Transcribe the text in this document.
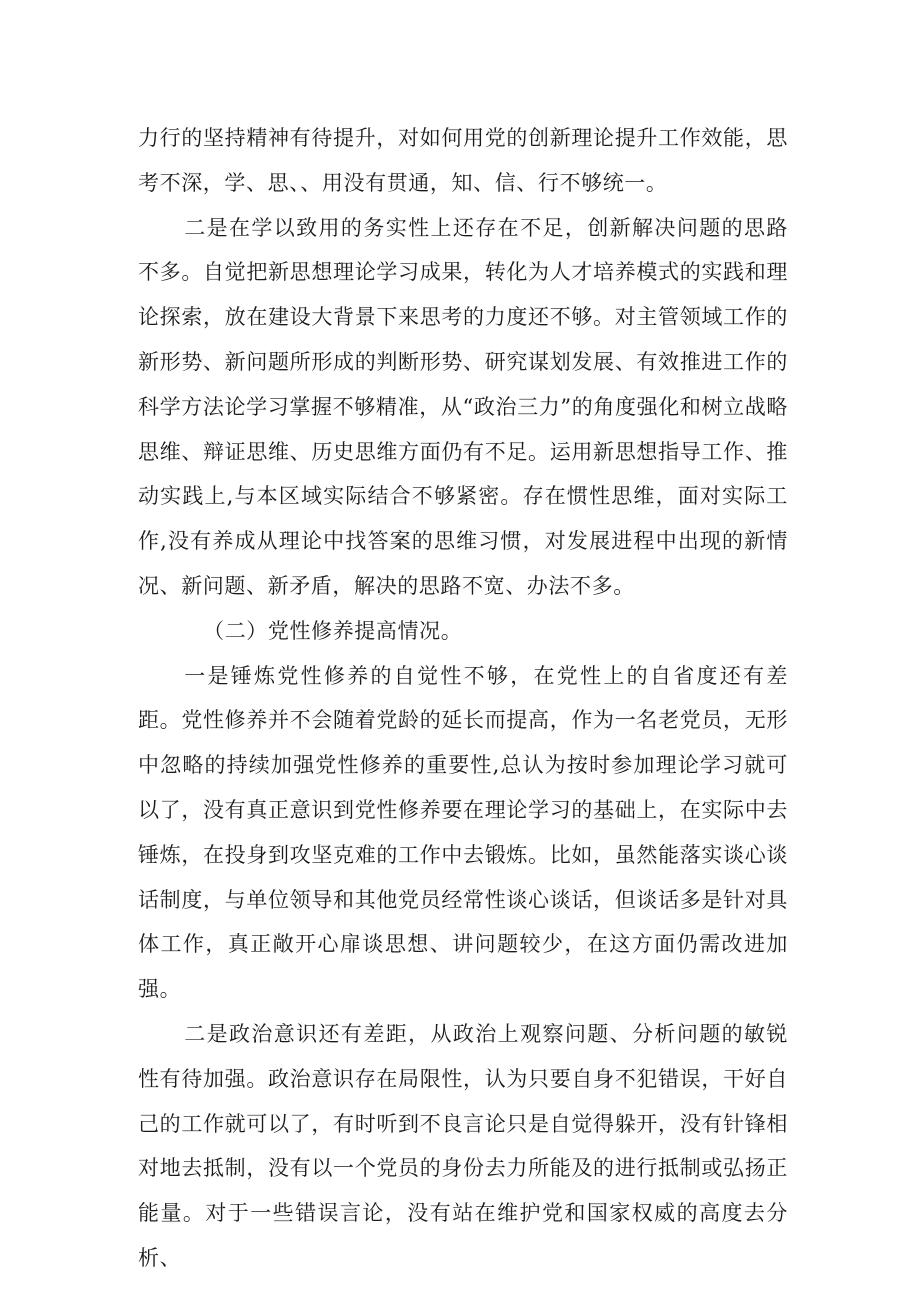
力行的坚持精神有待提升，对如何用党的创新理论提升工作效能，思考不深，学、思、、用没有贯通，知、信、行不够统一。

二是在学以致用的务实性上还存在不足，创新解决问题的思路不多。自觉把新思想理论学习成果，转化为人才培养模式的实践和理论探索，放在建设大背景下来思考的力度还不够。对主管领域工作的新形势、新问题所形成的判断形势、研究谋划发展、有效推进工作的科学方法论学习掌握不够精准，从“政治三力”的角度强化和树立战略思维、辩证思维、历史思维方面仍有不足。运用新思想指导工作、推动实践上,与本区域实际结合不够紧密。存在惯性思维，面对实际工作,没有养成从理论中找答案的思维习惯，对发展进程中出现的新情况、新问题、新矛盾，解决的思路不宽、办法不多。

（二）党性修养提高情况。

一是锤炼党性修养的自觉性不够，在党性上的自省度还有差距。党性修养并不会随着党龄的延长而提高，作为一名老党员，无形中忽略的持续加强党性修养的重要性,总认为按时参加理论学习就可以了，没有真正意识到党性修养要在理论学习的基础上，在实际中去锤炼，在投身到攻坚克难的工作中去锻炼。比如，虽然能落实谈心谈话制度，与单位领导和其他党员经常性谈心谈话，但谈话多是针对具体工作，真正敞开心扉谈思想、讲问题较少，在这方面仍需改进加强。

二是政治意识还有差距，从政治上观察问题、分析问题的敏锐性有待加强。政治意识存在局限性，认为只要自身不犯错误，干好自己的工作就可以了，有时听到不良言论只是自觉得躲开，没有针锋相对地去抵制，没有以一个党员的身份去力所能及的进行抵制或弘扬正能量。对于一些错误言论，没有站在维护党和国家权威的高度去分析、
